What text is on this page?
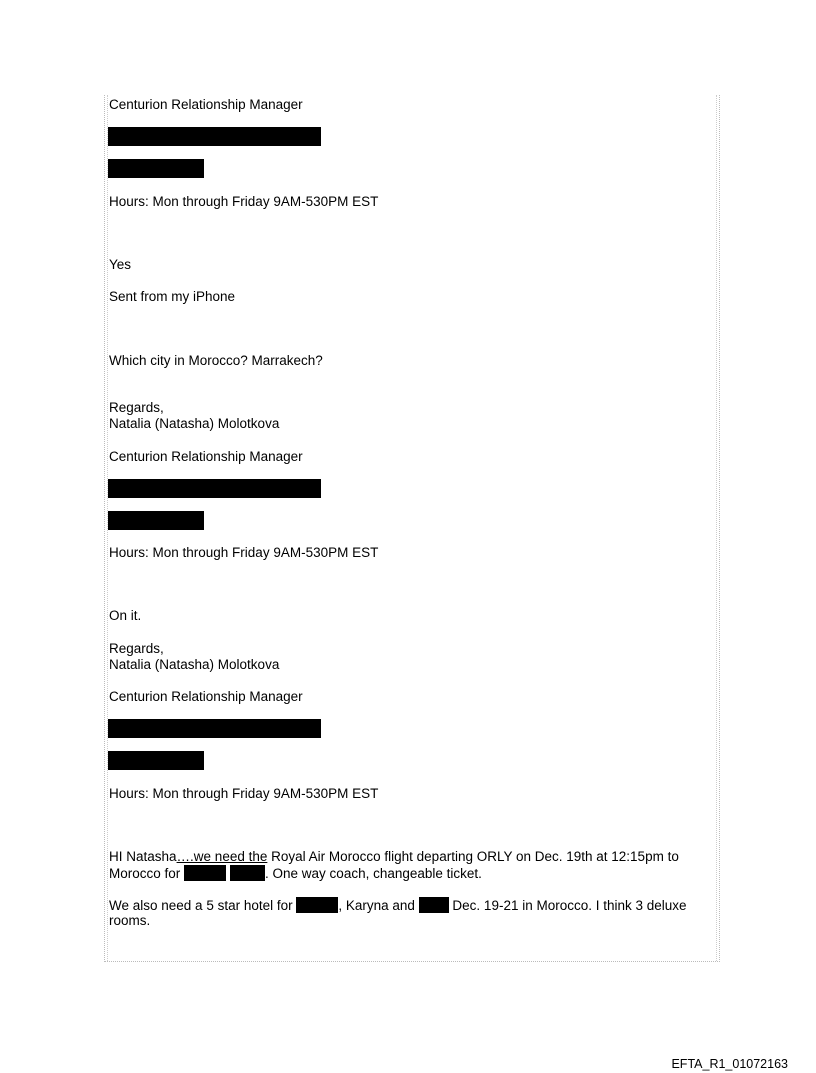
Centurion Relationship Manager
Hours: Mon through Friday 9AM-530PM EST
Yes
Sent from my iPhone
Which city in Morocco? Marrakech?
Regards,
Natalia (Natasha) Molotkova
Centurion Relationship Manager
Hours: Mon through Friday 9AM-530PM EST
On it.
Regards,
Natalia (Natasha) Molotkova
Centurion Relationship Manager
Hours: Mon through Friday 9AM-530PM EST
HI Natasha….we need the Royal Air Morocco flight departing ORLY on Dec. 19th at 12:15pm to
Morocco for	. One way coach, changeable ticket.
We also need a 5 star hotel for	, Karyna and  Dec. 19-21 in Morocco. I think 3 deluxe
rooms.
EFTA_R1_01072163
